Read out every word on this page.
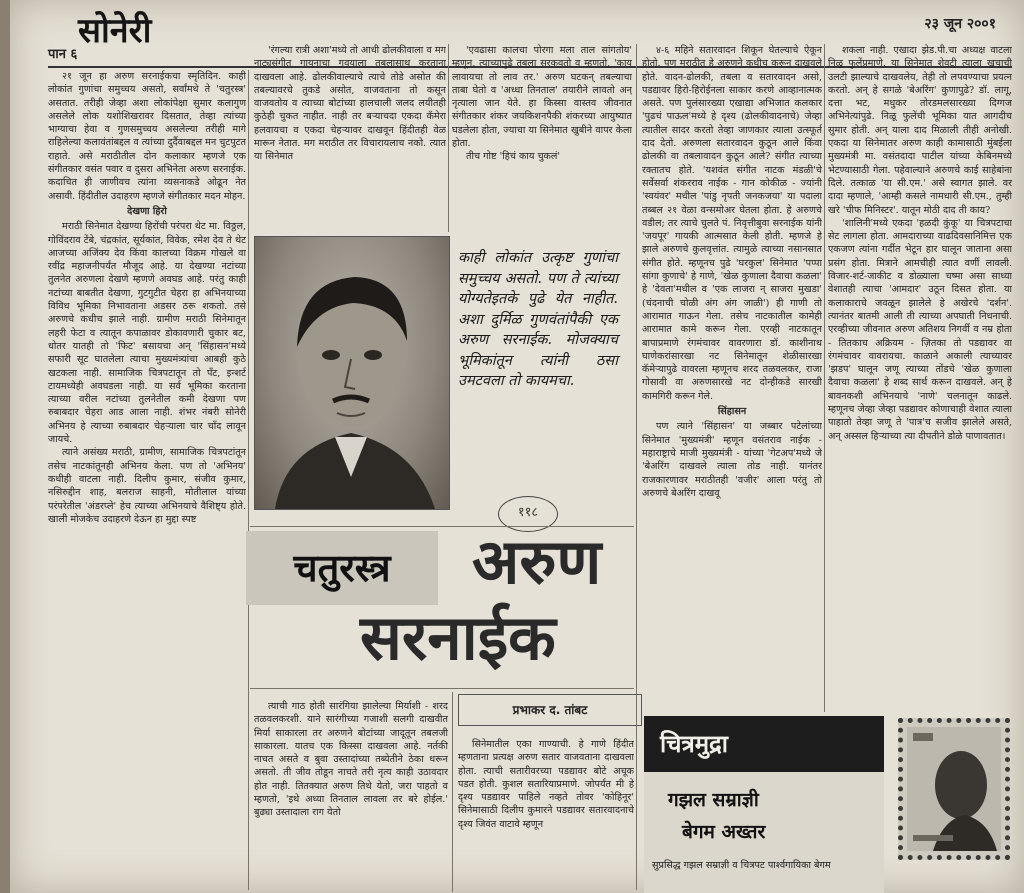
सोनेरी
पान ६
२३ जून २००१

२१ जून हा अरुण सरनाईकचा स्मृतिदिन. काही लोकांत गुणांचा समुच्चय असतो, सर्वांमधे ते 'चतुरस्त्र' असतात. तरीही जेव्हा अशा लोकांपेक्षा सुमार कलागुण असलेले लोक यशोशिखरावर दिसतात, तेव्हा त्यांच्या भाग्याचा हेवा व गुणसमुच्चय असलेल्या तरीही मागे राहिलेल्या कलावंतांबद्दल व त्यांच्या दुर्दैवाबद्दल मन चुटपुटत राहाते. असे मराठीतील दोन कलाकार म्हणजे एक संगीतकार वसंत पवार व दुसरा अभिनेता अरुण सरनाईक. कदाचित ही जाणीवच त्यांना व्यसनाकडे ओढून नेत असावी. हिंदीतील उदाहरण म्हणजे संगीतकार मदन मोहन.

देखणा हिरो

मराठी सिनेमात देखण्या हिरोंची परंपरा थेट मा. विठ्ठल, गोविंदराव टेंबे, चंद्रकांत, सूर्यकांत, विवेक, रमेश देव ते थेट आजच्या अजिंक्य देव किंवा कालच्या विक्रम गोखले वा रवींद्र महाजनीपर्यंत मौजूद आहे. या देखण्या नटांच्या तुलनेत अरुणला देखणे म्हणणे अवघड आहे. परंतु काही नटांच्या बाबतीत देखणा, गुटगुटीत चेहरा हा अभिनयाच्या विविध भूमिका निभावताना अडसर ठरू शकतो. तसे अरुणचे कधीच झाले नाही. ग्रामीण मराठी सिनेमातून लहरी फेटा व त्यातून कपाळावर डोकावणारी चुकार बट, धोतर यातही तो 'फिट' बसायचा अन् 'सिंहासन'मध्ये सफारी सूट घातलेला त्याचा मुख्यमंत्र्यांचा आबही कुठे खटकला नाही. सामाजिक चित्रपटातून तो पँट, इन्शर्ट टायमध्येही अवघडला नाही. या सर्व भूमिका करताना त्याच्या वरील नटांच्या तुलनेतील कमी देखणा पण रुबाबदार चेहरा आड आला नाही. शंभर नंबरी सोनेरी अभिनय हे त्याच्या रुबाबदार चेहऱ्याला चार चाँद लावून जायचे.

त्याने असंख्य मराठी, ग्रामीण, सामाजिक चित्रपटांतून तसेच नाटकांतूनही अभिनय केला. पण तो 'अभिनय' कधीही वाटला नाही. दिलीप कुमार, संजीव कुमार, नसिरुद्दीन शाह, बलराज साहनी, मोतीलाल यांच्या परंपरेतील 'अंडरप्ले' हेच त्याच्या अभिनयाचे वैशिष्ट्य होते. खाली मोजकेच उदाहरणे देऊन हा मुद्दा स्पष्ट

'रंगल्या रात्री अशा'मध्ये तो आधी ढोलकीवाला व मग नाट्यसंगीत गायनाचा गवयाला तबलासाथ करताना दाखवला आहे. ढोलकीवाल्याचे त्याचे तोडे असोत की तबल्यावरचे तुकडे असोत, वाजवताना तो कसून वाजवतोय व त्याच्या बोटांच्या हालचाली जलद लयीतही कुठेही चुकत नाहीत. नाही तर बऱ्याचदा एकदा कॅमेरा हलवायचा व एकदा चेहऱ्यावर दाखवून हिंदीतही वेळ मारून नेतात. मग मराठीत तर विचारायलाच नको. त्यात या सिनेमात

'एवढासा कालचा पोरगा मला ताल सांगतोय' म्हणून, त्याच्यापुढे तबला सरकवतो व म्हणतो, 'काय लावायचा तो लाव तर.' अरुण घटकन् तबल्याचा ताबा घेतो व 'अध्धा तिनताल' तयारीने लावतो अन् नृत्याला जान येते. हा किस्सा वास्तव जीवनात संगीतकार शंकर जयकिशनपैकी शंकरच्या आयुष्यात घडलेला होता, ज्याचा या सिनेमात खुबीने वापर केला होता.

तीच गोष्ट 'हिचं काय चुकलं'

काही लोकांत उत्कृष्ट गुणांचा समुच्चय असतो. पण ते त्यांच्या योग्यतेइतके पुढे येत नाहीत. अशा दुर्मिळ गुणवंतांपैकी एक अरुण सरनाईक. मोजक्याच भूमिकांतून त्यांनी ठसा उमटवला तो कायमचा.
११८
चतुरस्त्र	अरुण
सरनाईक

त्याची गाठ होती सारंगिया झालेल्या मिर्याशी - शरद तळवलकरशी. याने सारंगीच्या गजाशी सलगी दाखवीत मिर्या साकारला तर अरुणने बोटांच्या जादूतून तबलजी साकारला. यातच एक किस्सा दाखवला आहे. नर्तकी नाचत असते व बुवा उस्तादांच्या तब्येतीने ठेका धरून असतो. ती जीव तोडून नाचते तरी नृत्य काही उठावदार होत नाही. तितक्यात अरुण तिथे येतो, जरा पाहतो व म्हणतो, 'इथे अध्या तिनताल लावला तर बरे होईल.' बुढ्या उस्तादाला राग येतो

प्रभाकर द. तांबट

सिनेमातील एका गाण्याची. हे गाणे हिंदीत म्हणताना प्रत्यक्ष अरुण सतार वाजवताना दाखवला होता. त्याची सतारीवरच्या पडद्यावर बोटे अचूक पडत होती. कुशल सतारियाप्रमाणे. जोपर्यंत मी हे दृश्य पडद्यावर पाहिले नव्हते तोवर 'कोहिनूर' सिनेमासाठी दिलीप कुमारने पडद्यावर सतारवादनाचे दृश्य जिवंत वाटावे म्हणून

४-६ महिने सतारवादन शिकून घेतल्याचे ऐकून होतो. पण मराठीत हे अरुणने कधीच करून दाखवले होते. वादन-ढोलकी, तबला व सतारवादन असो, पडद्यावर हिरो-हिरोईनला साकार करणे आव्हानात्मक असते. पण पुलंसारख्या एखाद्या अभिजात कलकार 'पुढचं पाऊल'मध्ये हे दृश्य (ढोलकीवादनाचे) जेव्हा त्यातील सादर करतो तेव्हा जाणकार त्याला उत्स्फूर्त दाद देतो. अरुणला सतारवादन कुठून आले किंवा ढोलकी वा तबलावादन कुठून आले? संगीत त्याच्या रक्तातच होते. 'यशवंत संगीत नाटक मंडळी'चे सर्वेसर्वा शंकरराव नाईक - गान कोकीळ - ज्यांनी 'स्वयंवर' मधील 'पांडु नृपती जनकजया' या पदाला तब्बल २१ वेळा वन्समोअर घेतला होता. हे अरुणचे वडील; तर त्याचे चुलते पं. निवृत्तीबुवा सरनाईक यांनी 'जयपूर' गायकी आत्मसात केली होती. म्हणजे हे झाले अरुणचे कुलवृत्तांत. त्यामुळे त्याच्या नसानसात संगीत होते. म्हणूनच पुढे 'घरकुल' सिनेमात 'पप्पा सांगा कुणाचे' हे गाणे, 'खेळ कुणाला दैवाचा कळला' हे 'देवता'मधील व 'एक लाजरा न् साजरा मुखडा' (चंदनाची चोळी अंग अंग जाळी') ही गाणी तो आरामात गाऊन गेला. तसेच नाटकातील कामेही आरामात कामे करून गेला. एरव्ही नाटकातून बापाप्रमाणे रंगमंचावर वावरणारा डॉ. काशीनाथ घाणेकरांसारखा नट सिनेमातून शेळीसारखा कॅमेऱ्यापुढे वावरला म्हणूनच शरद तळवलकर, राजा गोसावी वा अरुणसारखे नट दोन्हीकडे सारखी कामगिरी करून गेले.

सिंहासन

पण त्याने 'सिंहासन' या जब्बार पटेलांच्या सिनेमात 'मुख्यमंत्री' म्हणून वसंतराव नाईक - महाराष्ट्राचे माजी मुख्यमंत्री - यांच्या 'गेटअप'मध्ये जे 'बेअरिंग दाखवले त्याला तोड नाही. यानंतर राजकारणावर मराठीतही 'वजीर' आला परंतु तो अरुणचे बेअरिंग दाखवू

शकला नाही. एखादा झेड.पी.चा अध्यक्ष वाटला निळू फुलेंप्रमाणे. या सिनेमात शेवटी त्याला खचाची उलटी झाल्याचे दाखवलेय, तेही तो लपवण्याचा प्रयत्न करतो. अन् हे सगळे 'बेअरिंग' कुणापुढे? डॉ. लागू, दत्ता भट, मधुकर तोरडमलसारख्या दिग्गज अभिनेत्यांपुढे. निळू फुलेंची भूमिका यात आगदीच सुमार होती. अन् याला दाद मिळाली तीही अनोखी. एकदा या सिनेमातर अरुण काही कामासाठी मुंबईला मुख्यमंत्री मा. वसंतदादा पाटील यांच्या केबिनमध्ये भेटण्यासाठी गेला. पहेवाल्याने अरुणचे काई साहेबांना दिले. तत्काळ 'या सी.एम.' असे स्वागत झाले. वर दादा म्हणाले, 'आम्ही कसले नामधारी सी.एम., तुम्ही खरे 'चीफ मिनिस्टर'. यातून मोठी दाद ती काय?

'शालिनी'मध्ये एकदा 'हळदी कुंकू' या चित्रपटाचा सेट लागला होता. आमदाराच्या वाढदिवसानिमित्त एक एकजण त्यांना गर्दीत भेटून हार घालून जाताना असा प्रसंग होता. मित्राने आमचीही त्यात वर्णी लावली. विजार-शर्ट-जाकीट व डोळ्याला चष्मा असा साध्या वेशातही त्याचा 'आमदार' उठून दिसत होता. या कलाकाराचे जवळून झालेले हे अखेरचे 'दर्शन'. त्यानंतर बातमी आली ती त्याच्या अपघाती निधनाची. एरव्हीच्या जीवनात अरुण अतिशय निगर्वी व नम्र होता - तितकाच अक्रियम - ज़ितका तो पडद्यावर वा रंगमंचावर वावरायचा. काळाने अकाली त्याच्यावर 'झडप' घालून जणू त्याच्या तोंडचे 'खेळ कुणाला दैवाचा कळला' हे शब्द सार्थ करून दाखवले. अन् हे बावनकशी अभिनयाचे 'नाणे' चलनातून काढले. म्हणूनच जेव्हा जेव्हा पडद्यावर कोणाचाही वेशात त्याला पाहातो तेव्हा जणू ते 'पात्र'च सजीव झालेले असते, अन् अस्सल हिऱ्याच्या त्या दीपतीने डोळे पाणावतात।

चित्रमुद्रा
गझल सम्राज्ञी
बेगम अख्तर
सुप्रसिद्ध गझल सम्राज्ञी व चित्रपट पार्श्वगायिका बेगम
